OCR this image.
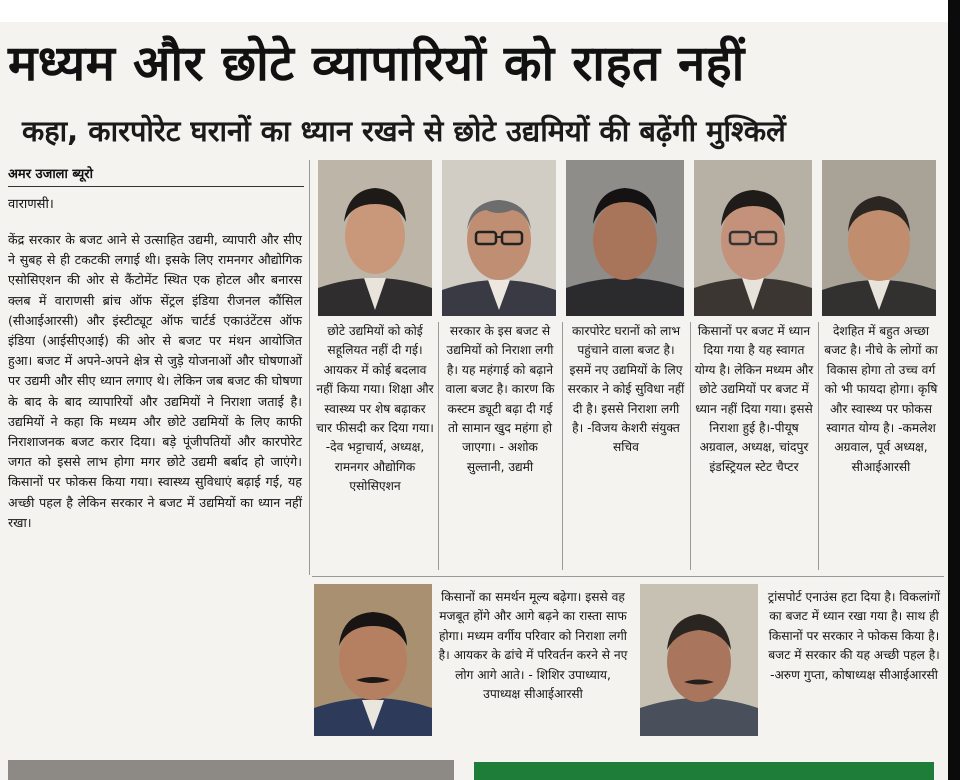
मध्यम और छोटे व्यापारियों को राहत नहीं
कहा, कारपोरेट घरानों का ध्यान रखने से छोटे उद्यमियों की बढ़ेंगी मुश्किलें
अमर उजाला ब्यूरो
वाराणसी।

केंद्र सरकार के बजट आने से उत्साहित उद्यमी, व्यापारी और सीए ने सुबह से ही टकटकी लगाई थी। इसके लिए रामनगर औद्योगिक एसोसिएशन की ओर से कैंटोमेंट स्थित एक होटल और बनारस क्लब में वाराणसी ब्रांच ऑफ सेंट्रल इंडिया रीजनल कौंसिल (सीआईआरसी) और इंस्टीट्यूट ऑफ चार्टर्ड एकाउंटेंटस ऑफ इंडिया (आईसीएआई) की ओर से बजट पर मंथन आयोजित हुआ। बजट में अपने-अपने क्षेत्र से जुड़े योजनाओं और घोषणाओं पर उद्यमी और सीए ध्यान लगाए थे। लेकिन जब बजट की घोषणा के बाद के बाद व्यापारियों और उद्यमियों ने निराशा जताई है। उद्यमियों ने कहा कि मध्यम और छोटे उद्यमियों के लिए काफी निराशाजनक बजट करार दिया। बड़े पूंजीपतियों और कारपोरेट जगत को इससे लाभ होगा मगर छोटे उद्यमी बर्बाद हो जाएंगे। किसानों पर फोकस किया गया। स्वास्थ्य सुविधाएं बढ़ाई गई, यह अच्छी पहल है लेकिन सरकार ने बजट में उद्यमियों का ध्यान नहीं रखा।

छोटे उद्यमियों को कोई सहूलियत नहीं दी गई। आयकर में कोई बदलाव नहीं किया गया। शिक्षा और स्वास्थ्य पर शेष बढ़ाकर चार फीसदी कर दिया गया। -देव भट्टाचार्य, अध्यक्ष, रामनगर औद्योगिक एसोसिएशन

सरकार के इस बजट से उद्यमियों को निराशा लगी है। यह महंगाई को बढ़ाने वाला बजट है। कारण कि कस्टम ड्यूटी बढ़ा दी गई तो सामान खुद महंगा हो जाएगा। - अशोक सुल्तानी, उद्यमी

कारपोरेट घरानों को लाभ पहुंचाने वाला बजट है। इसमें नए उद्यमियों के लिए सरकार ने कोई सुविधा नहीं दी है। इससे निराशा लगी है। -विजय केशरी संयुक्त सचिव

किसानों पर बजट में ध्यान दिया गया है यह स्वागत योग्य है। लेकिन मध्यम और छोटे उद्यमियों पर बजट में ध्यान नहीं दिया गया। इससे निराशा हुई है।-पीयूष अग्रवाल, अध्यक्ष, चांदपुर इंडस्ट्रियल स्टेट चैप्टर

देशहित में बहुत अच्छा बजट है। नीचे के लोगों का विकास होगा तो उच्च वर्ग को भी फायदा होगा। कृषि और स्वास्थ्य पर फोकस स्वागत योग्य है। -कमलेश अग्रवाल, पूर्व अध्यक्ष, सीआईआरसी

किसानों का समर्थन मूल्य बढ़ेगा। इससे वह मजबूत होंगे और आगे बढ़ने का रास्ता साफ होगा। मध्यम वर्गीय परिवार को निराशा लगी है। आयकर के ढांचे में परिवर्तन करने से नए लोग आगे आते। - शिशिर उपाध्याय, उपाध्यक्ष सीआईआरसी

ट्रांसपोर्ट एनाउंस हटा दिया है। विकलांगों का बजट में ध्यान रखा गया है। साथ ही किसानों पर सरकार ने फोकस किया है। बजट में सरकार की यह अच्छी पहल है। -अरुण गुप्ता, कोषाध्यक्ष सीआईआरसी
